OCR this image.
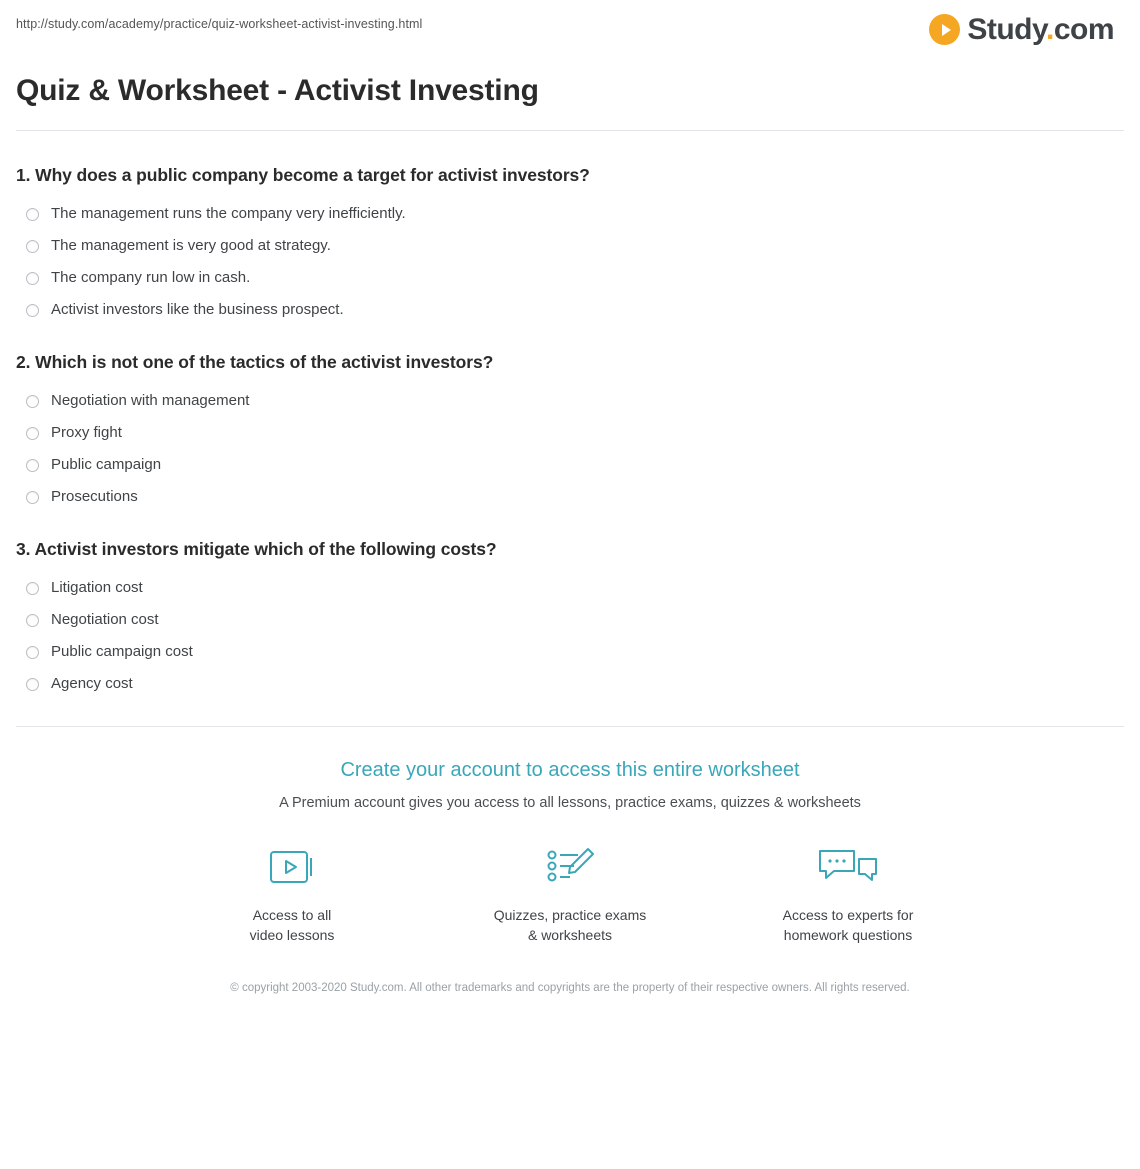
http://study.com/academy/practice/quiz-worksheet-activist-investing.html	Study.com
Quiz & Worksheet - Activist Investing
1. Why does a public company become a target for activist investors?
The management runs the company very inefficiently.
The management is very good at strategy.
The company run low in cash.
Activist investors like the business prospect.
2. Which is not one of the tactics of the activist investors?
Negotiation with management
Proxy fight
Public campaign
Prosecutions
3. Activist investors mitigate which of the following costs?
Litigation cost
Negotiation cost
Public campaign cost
Agency cost
Create your account to access this entire worksheet
A Premium account gives you access to all lessons, practice exams, quizzes & worksheets
Access to all
video lessons
Quizzes, practice exams
& worksheets
Access to experts for
homework questions
© copyright 2003-2020 Study.com. All other trademarks and copyrights are the property of their respective owners. All rights reserved.
